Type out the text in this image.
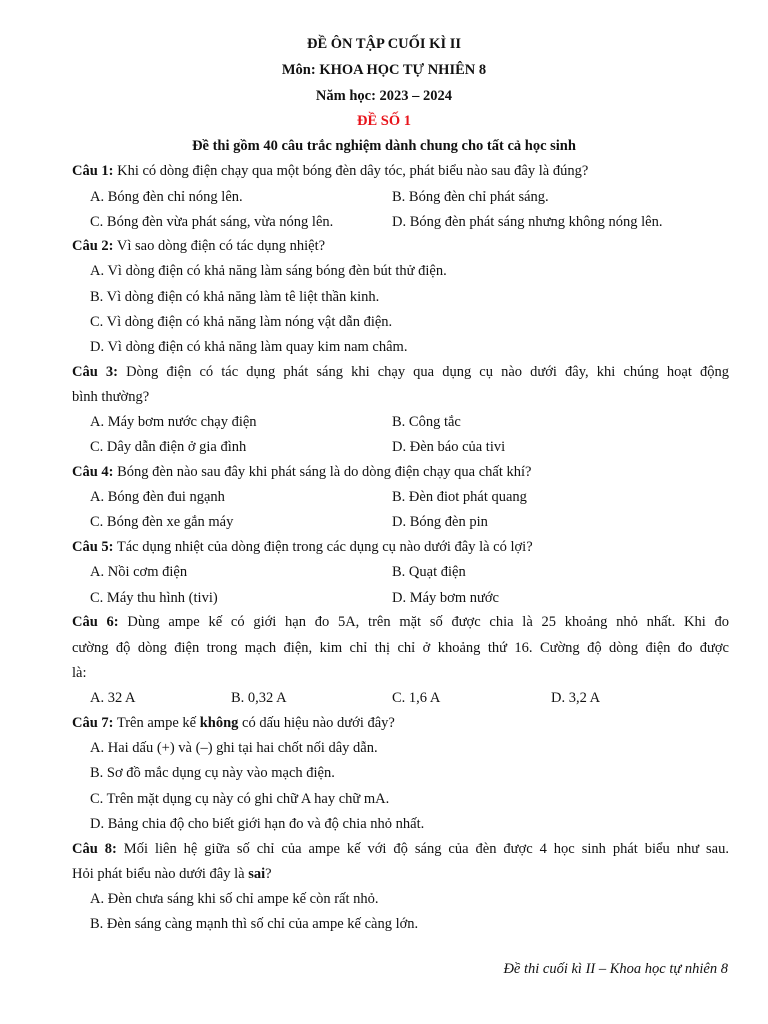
ĐỀ ÔN TẬP CUỐI KÌ II
Môn: KHOA HỌC TỰ NHIÊN 8
Năm học: 2023 – 2024
ĐỀ SỐ 1
Đề thi gồm 40 câu trắc nghiệm dành chung cho tất cả học sinh
Câu 1: Khi có dòng điện chạy qua một bóng đèn dây tóc, phát biểu nào sau đây là đúng?
A. Bóng đèn chỉ nóng lên.	B. Bóng đèn chỉ phát sáng.
C. Bóng đèn vừa phát sáng, vừa nóng lên.	D. Bóng đèn phát sáng nhưng không nóng lên.
Câu 2: Vì sao dòng điện có tác dụng nhiệt?
A. Vì dòng điện có khả năng làm sáng bóng đèn bút thử điện.
B. Vì dòng điện có khả năng làm tê liệt thần kinh.
C. Vì dòng điện có khả năng làm nóng vật dẫn điện.
D. Vì dòng điện có khả năng làm quay kim nam châm.
Câu 3: Dòng điện có tác dụng phát sáng khi chạy qua dụng cụ nào dưới đây, khi chúng hoạt động
bình thường?
A. Máy bơm nước chạy điện	B. Công tắc
C. Dây dẫn điện ở gia đình	D. Đèn báo của tivi
Câu 4: Bóng đèn nào sau đây khi phát sáng là do dòng điện chạy qua chất khí?
A. Bóng đèn đui ngạnh	B. Đèn điot phát quang
C. Bóng đèn xe gắn máy	D. Bóng đèn pin
Câu 5: Tác dụng nhiệt của dòng điện trong các dụng cụ nào dưới đây là có lợi?
A. Nồi cơm điện	B. Quạt điện
C. Máy thu hình (tivi)	D. Máy bơm nước
Câu 6: Dùng ampe kế có giới hạn đo 5A, trên mặt số được chia là 25 khoảng nhỏ nhất. Khi đo
cường độ dòng điện trong mạch điện, kim chỉ thị chỉ ở khoảng thứ 16. Cường độ dòng điện đo được
là:
A. 32 A	B. 0,32 A	C. 1,6 A	D. 3,2 A
Câu 7: Trên ampe kế không có dấu hiệu nào dưới đây?
A. Hai dấu (+) và (–) ghi tại hai chốt nối dây dẫn.
B. Sơ đồ mắc dụng cụ này vào mạch điện.
C. Trên mặt dụng cụ này có ghi chữ A hay chữ mA.
D. Bảng chia độ cho biết giới hạn đo và độ chia nhỏ nhất.
Câu 8: Mối liên hệ giữa số chỉ của ampe kế với độ sáng của đèn được 4 học sinh phát biểu như sau.
Hỏi phát biểu nào dưới đây là sai?
A. Đèn chưa sáng khi số chỉ ampe kế còn rất nhỏ.
B. Đèn sáng càng mạnh thì số chỉ của ampe kế càng lớn.
Đề thi cuối kì II – Khoa học tự nhiên 8
